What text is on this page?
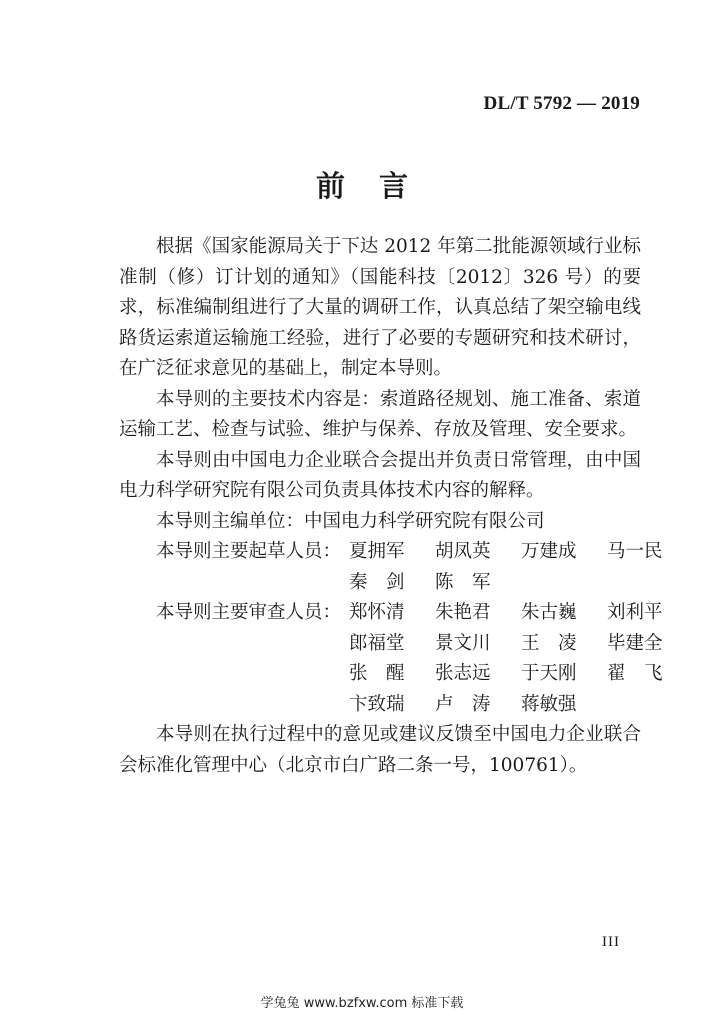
DL/T 5792 — 2019
前言

根据《国家能源局关于下达 2012 年第二批能源领域行业标准制（修）订计划的通知》（国能科技〔2012〕326 号）的要求，标准编制组进行了大量的调研工作，认真总结了架空输电线路货运索道运输施工经验，进行了必要的专题研究和技术研讨，在广泛征求意见的基础上，制定本导则。

本导则的主要技术内容是：索道路径规划、施工准备、索道运输工艺、检查与试验、维护与保养、存放及管理、安全要求。

本导则由中国电力企业联合会提出并负责日常管理，由中国电力科学研究院有限公司负责具体技术内容的解释。

本导则主编单位：中国电力科学研究院有限公司

本导则主要起草人员： 夏拥军	胡凤英	万建成	马一民
秦　剑	陈　军
本导则主要审查人员： 郑怀清	朱艳君	朱古巍	刘利平
郎福堂	景文川	王　凌	毕建全
张　醒	张志远	于天刚	翟　飞
卞致瑞	卢　涛	蒋敏强

本导则在执行过程中的意见或建议反馈至中国电力企业联合会标准化管理中心（北京市白广路二条一号，100761）。

III
学兔兔 www.bzfxw.com 标准下载
